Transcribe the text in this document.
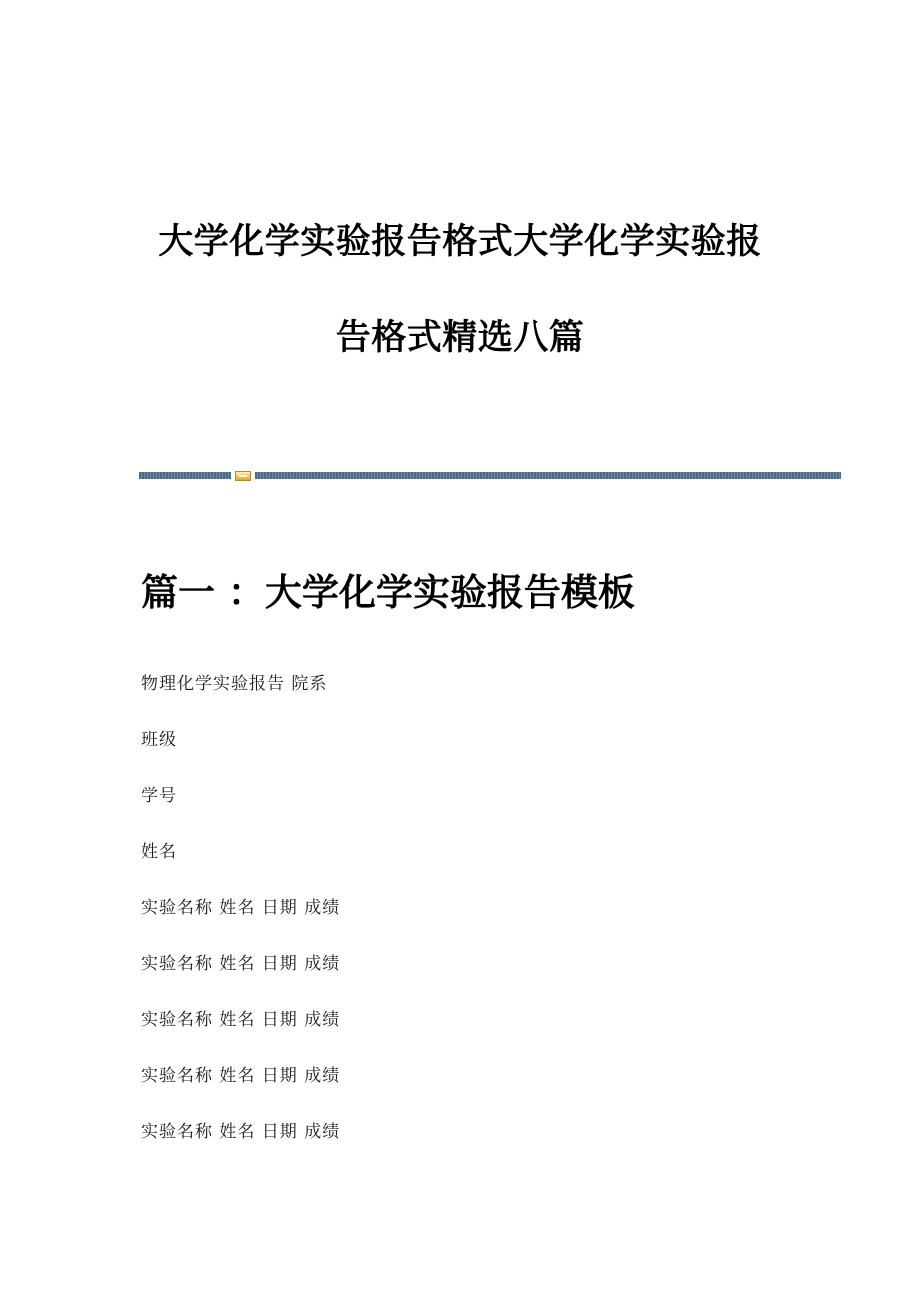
大学化学实验报告格式大学化学实验报
告格式精选八篇
篇一 ：大学化学实验报告模板
物理化学实验报告 院系
班级
学号
姓名
实验名称 姓名 日期 成绩
实验名称 姓名 日期 成绩
实验名称 姓名 日期 成绩
实验名称 姓名 日期 成绩
实验名称 姓名 日期 成绩
